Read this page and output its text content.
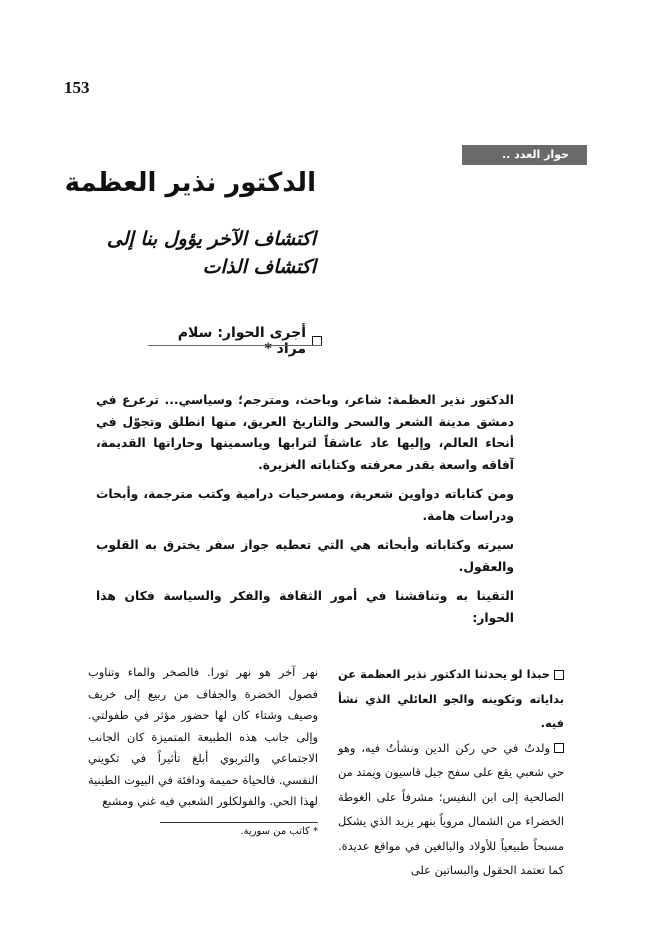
153
حوار العدد ..
الدكتور نذير العظمة
اكتشاف الآخر يؤول بنا إلى اكتشاف الذات
أجرى الحوار: سلام مراد *

الدكتور نذير العظمة: شاعر، وباحث، ومترجم؛ وسياسي... ترعرع في دمشق مدينة الشعر والسحر والتاريخ العريق، منها انطلق وتجوّل في أنحاء العالم، وإليها عاد عاشقاً لترابها وياسمينها وحاراتها القديمة، آفاقه واسعة بقدر معرفته وكتاباته الغزيرة.

ومن كتاباته دواوين شعرية، ومسرحيات درامية وكتب مترجمة، وأبحاث ودراسات هامة.

سيرته وكتاباته وأبحاثه هي التي تعطيه جواز سفر يخترق به القلوب والعقول.

التقينا به وتناقشنا في أمور الثقافة والفكر والسياسة فكان هذا الحوار:

حبذا لو يحدثنا الدكتور نذير العظمة عن بداياته وتكوينه والجو العائلي الذي نشأ فيه.

ولدتُ في حي ركن الدين ونشأتُ فيه، وهو حي شعبي يقع على سفح جبل قاسيون ويمتد من الصالحية إلى ابن النفيس؛ مشرفاً على الغوطة الخضراء من الشمال مروياً بنهر يزيد الذي يشكل مسبحاً طبيعياً للأولاد والبالغين في مواقع عديدة. كما تعتمد الحقول والبساتين على

نهر آخر هو نهر تورا. فالصخر والماء وتناوب فصول الخضرة والجفاف من ربيع إلى خريف وصيف وشتاء كان لها حضور مؤثر في طفولتي. وإلى جانب هذه الطبيعة المتميزة كان الجانب الاجتماعي والتربوي أبلغ تأثيراً في تكويني النفسي. فالحياة حميمة ودافئة في البيوت الطينية لهذا الحي. والفولكلور الشعبي فيه غني ومشبع

* كاتب من سورية.
